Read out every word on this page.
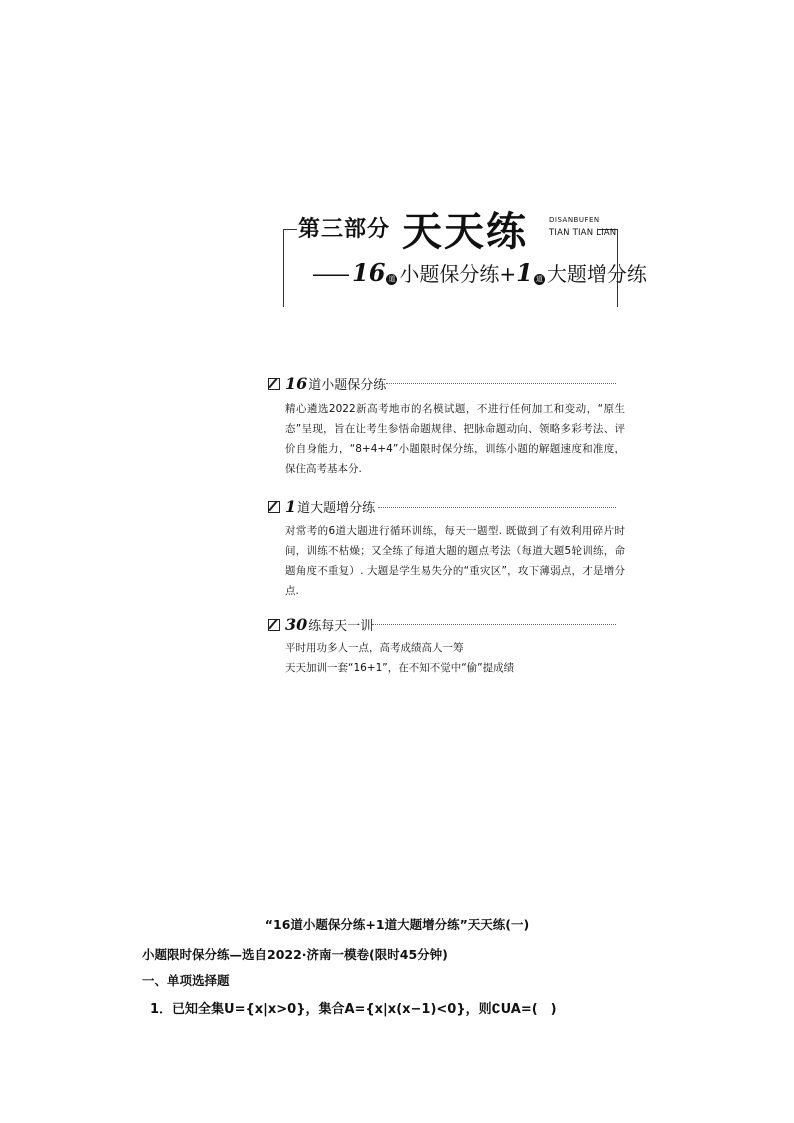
第三部分 天天练	DISANBUFEN
TIAN TIAN LIAN
—— 16 道 小题保分练+ 1 道 大题增分练
16 道小题保分练
精心遴选2022新高考地市的名模试题，不进行任何加工和变动，“原生态”呈现，旨在让考生参悟命题规律、把脉命题动向、领略多彩考法、评价自身能力，“8+4+4”小题限时保分练，训练小题的解题速度和准度，保住高考基本分.
1 道大题增分练
对常考的6道大题进行循环训练，每天一题型. 既做到了有效利用碎片时间，训练不枯燥；又全练了每道大题的题点考法（每道大题5轮训练，命题角度不重复）. 大题是学生易失分的“重灾区”，攻下薄弱点，才是增分点.
30 练每天一训
平时用功多人一点，高考成绩高人一筹
天天加训一套“16+1”，在不知不觉中“偷”提成绩
“16道小题保分练+1道大题增分练”天天练(一)
小题限时保分练—选自2022·济南一模卷(限时45分钟)
一、单项选择题
1．已知全集U={x|x>0}，集合A={x|x(x−1)<0}，则∁UA=(　)
